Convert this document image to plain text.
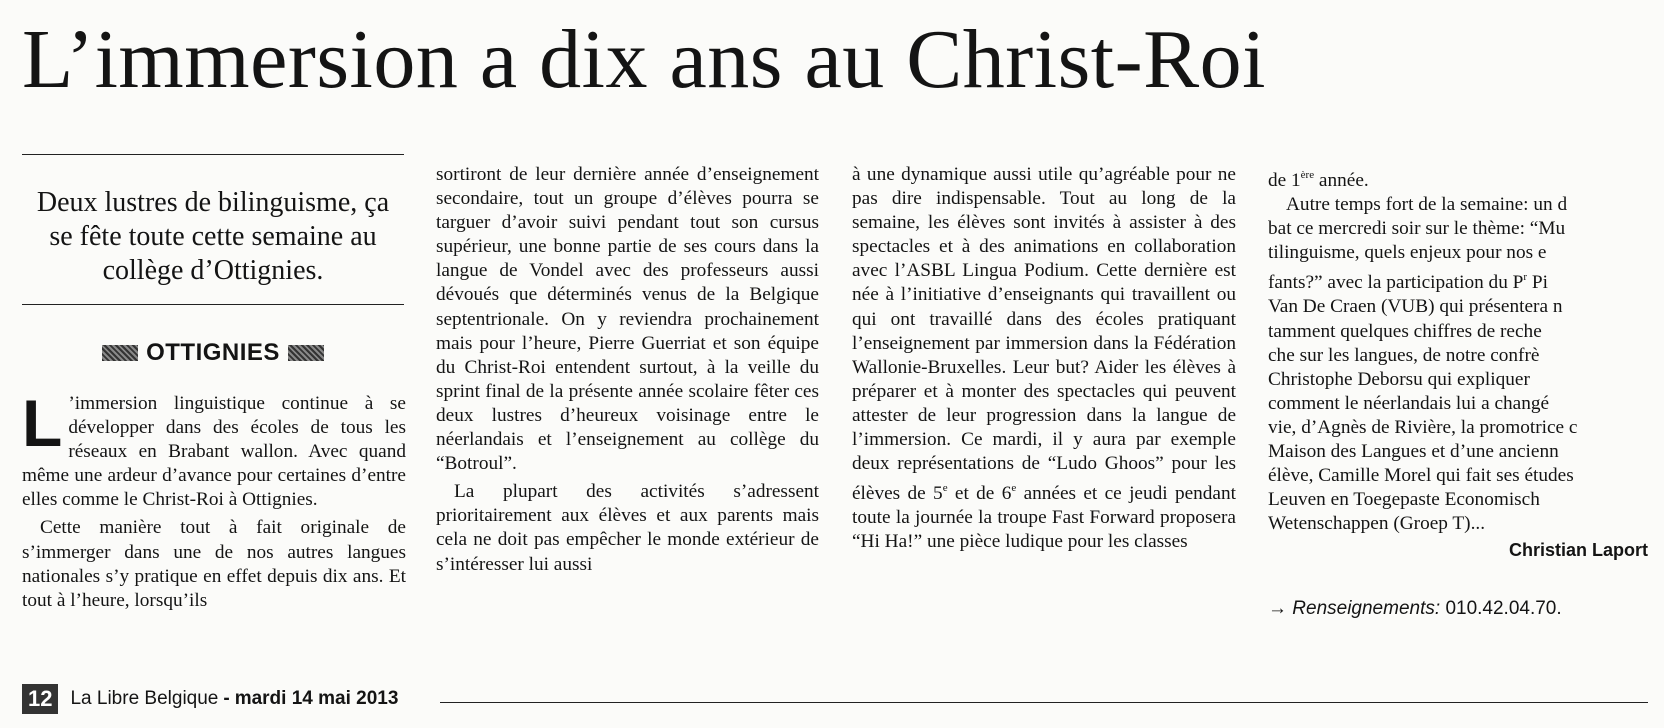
L’immersion a dix ans au Christ-Roi
Deux lustres de bilinguisme, ça se fête toute cette semaine au collège d’Ottignies.
OTTIGNIES

L ’immersion linguistique continue à se développer dans des écoles de tous les réseaux en Brabant wallon. Avec quand même une ardeur d’avance pour certaines d’entre elles comme le Christ-Roi à Ottignies.

Cette manière tout à fait originale de s’immerger dans une de nos autres langues nationales s’y pratique en effet depuis dix ans. Et tout à l’heure, lorsqu’ils

sortiront de leur dernière année d’enseignement secondaire, tout un groupe d’élèves pourra se targuer d’avoir suivi pendant tout son cursus supérieur, une bonne partie de ses cours dans la langue de Vondel avec des professeurs aussi dévoués que déterminés venus de la Belgique septentrionale. On y reviendra prochainement mais pour l’heure, Pierre Guerriat et son équipe du Christ-Roi entendent surtout, à la veille du sprint final de la présente année scolaire fêter ces deux lustres d’heureux voisinage entre le néerlandais et l’enseignement au collège du “Botroul”.

La plupart des activités s’adressent prioritairement aux élèves et aux parents mais cela ne doit pas empêcher le monde extérieur de s’intéresser lui aussi

à une dynamique aussi utile qu’agréable pour ne pas dire indispensable. Tout au long de la semaine, les élèves sont invités à assister à des spectacles et à des animations en collaboration avec l’ASBL Lingua Podium. Cette dernière est née à l’initiative d’enseignants qui travaillent ou qui ont travaillé dans des écoles pratiquant l’enseignement par immersion dans la Fédération Wallonie-Bruxelles. Leur but? Aider les élèves à préparer et à monter des spectacles qui peuvent attester de leur progression dans la langue de l’immersion. Ce mardi, il y aura par exemple deux représentations de “Ludo Ghoos” pour les élèves de 5e et de 6e années et ce jeudi pendant toute la journée la troupe Fast Forward proposera “Hi Ha!” une pièce ludique pour les classes

de 1ère année.

Autre temps fort de la semaine: un d

bat ce mercredi soir sur le thème: “Mu

tilinguisme, quels enjeux pour nos e

fants?” avec la participation du $P^r$ Pi

Van De Craen (VUB) qui présentera n

tamment quelques chiffres de reche

che sur les langues, de notre confrè

Christophe Deborsu qui expliquer

comment le néerlandais lui a changé

vie, d’Agnès de Rivière, la promotrice c

Maison des Langues et d’une ancienn

élève, Camille Morel qui fait ses études

Leuven en Toegepaste Economisch

Wetenschappen (Groep T)...

Christian Laport
→ Renseignements: 010.42.04.70.
12 La Libre Belgique - mardi 14 mai 2013
